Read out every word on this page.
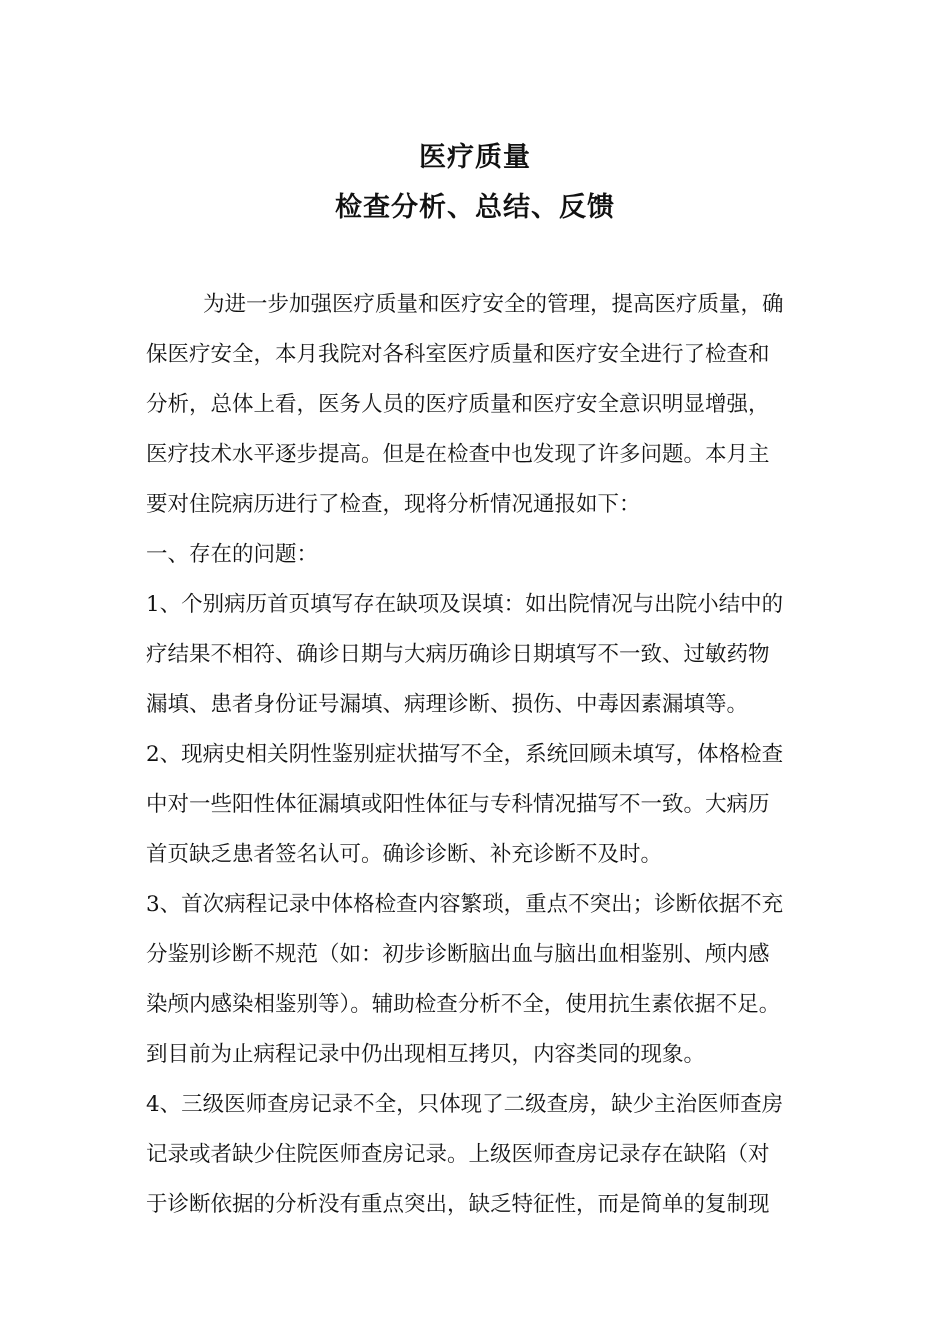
医疗质量
检查分析、总结、反馈
为进一步加强医疗质量和医疗安全的管理，提高医疗质量，确
保医疗安全，本月我院对各科室医疗质量和医疗安全进行了检查和
分析，总体上看，医务人员的医疗质量和医疗安全意识明显增强，
医疗技术水平逐步提高。但是在检查中也发现了许多问题。本月主
要对住院病历进行了检查，现将分析情况通报如下：
一、存在的问题：
1、个别病历首页填写存在缺项及误填：如出院情况与出院小结中的
疗结果不相符、确诊日期与大病历确诊日期填写不一致、过敏药物
漏填、患者身份证号漏填、病理诊断、损伤、中毒因素漏填等。
2、现病史相关阴性鉴别症状描写不全，系统回顾未填写，体格检查
中对一些阳性体征漏填或阳性体征与专科情况描写不一致。大病历
首页缺乏患者签名认可。确诊诊断、补充诊断不及时。
3、首次病程记录中体格检查内容繁琐，重点不突出；诊断依据不充
分鉴别诊断不规范（如：初步诊断脑出血与脑出血相鉴别、颅内感
染颅内感染相鉴别等）。辅助检查分析不全，使用抗生素依据不足。
到目前为止病程记录中仍出现相互拷贝，内容类同的现象。
4、三级医师查房记录不全，只体现了二级查房，缺少主治医师查房
记录或者缺少住院医师查房记录。上级医师查房记录存在缺陷（对
于诊断依据的分析没有重点突出，缺乏特征性，而是简单的复制现
